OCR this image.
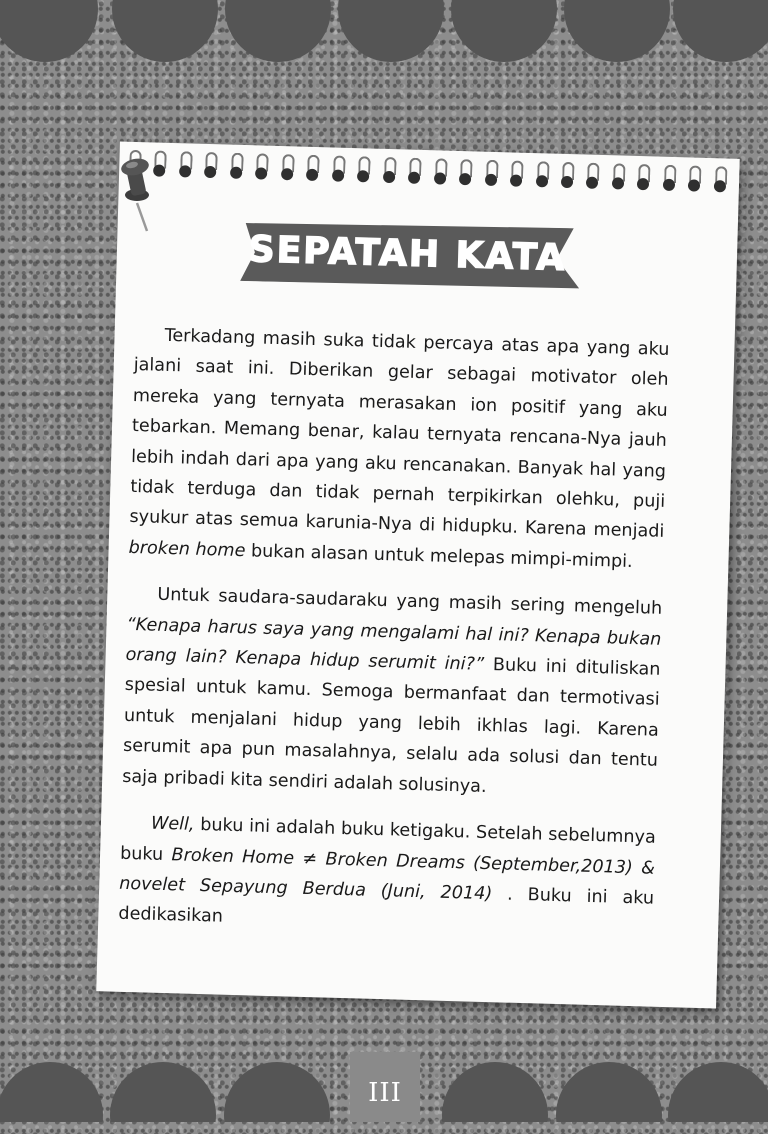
SEPATAH KATA

Terkadang masih suka tidak percaya atas apa yang aku jalani saat ini. Diberikan gelar sebagai motivator oleh mereka yang ternyata merasakan ion positif yang aku tebarkan. Memang benar, kalau ternyata rencana-Nya jauh lebih indah dari apa yang aku rencanakan. Banyak hal yang tidak terduga dan tidak pernah terpikirkan olehku, puji syukur atas semua karunia-Nya di hidupku. Karena menjadi broken home bukan alasan untuk melepas mimpi-mimpi.

Untuk saudara-saudaraku yang masih sering mengeluh “Kenapa harus saya yang mengalami hal ini? Kenapa bukan orang lain? Kenapa hidup serumit ini?” Buku ini dituliskan spesial untuk kamu. Semoga bermanfaat dan termotivasi untuk menjalani hidup yang lebih ikhlas lagi. Karena serumit apa pun masalahnya, selalu ada solusi dan tentu saja pribadi kita sendiri adalah solusinya.

Well, buku ini adalah buku ketigaku. Setelah sebelumnya buku Broken Home ≠ Broken Dreams (September,2013) & novelet Sepayung Berdua (Juni, 2014) . Buku ini aku dedikasikan

III
